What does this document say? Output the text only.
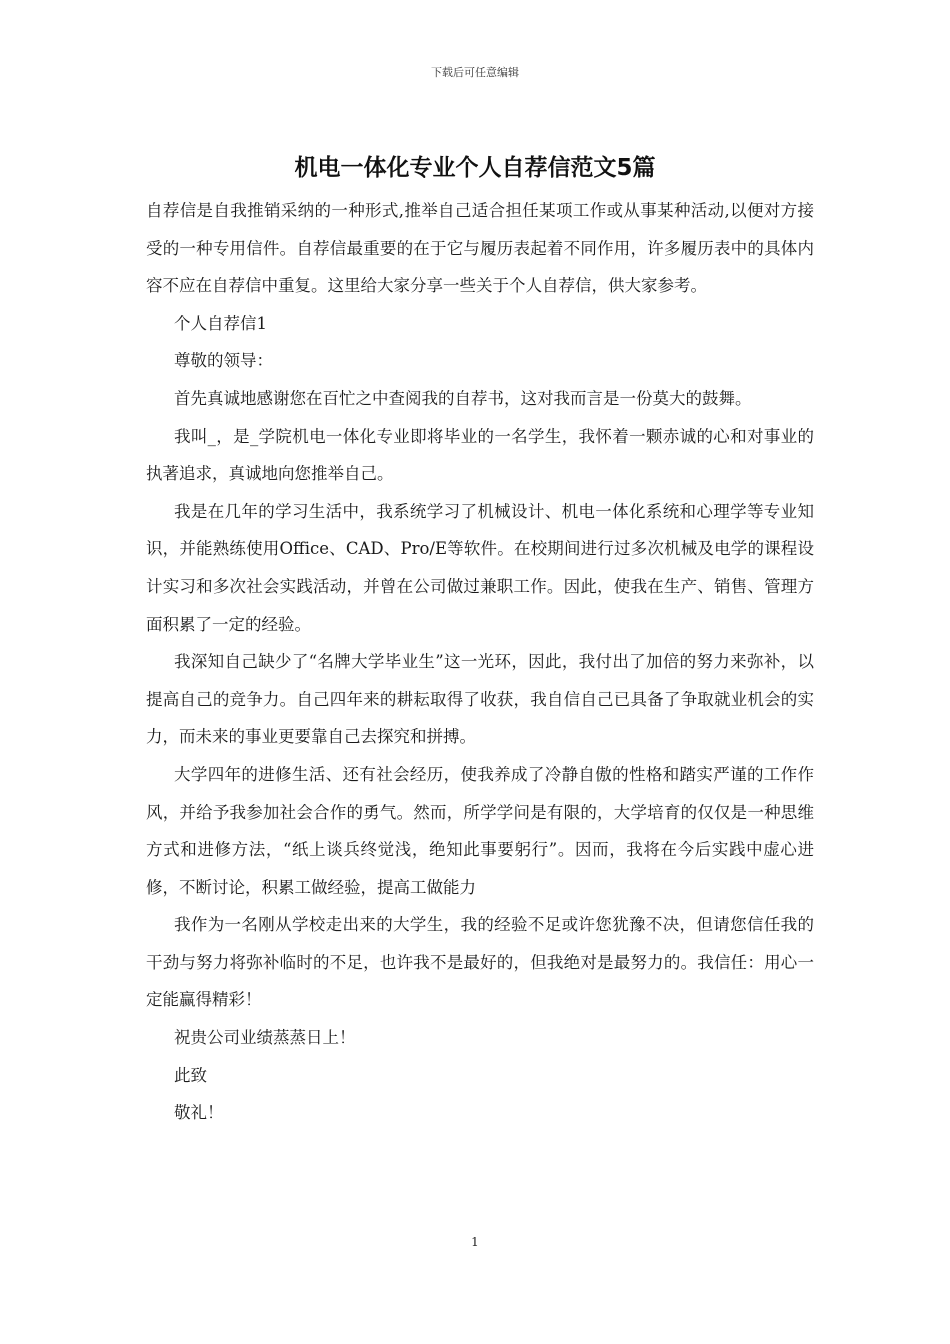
下载后可任意编辑
机电一体化专业个人自荐信范文5篇

自荐信是自我推销采纳的一种形式,推举自己适合担任某项工作或从事某种活动,以便对方接受的一种专用信件。自荐信最重要的在于它与履历表起着不同作用，许多履历表中的具体内容不应在自荐信中重复。这里给大家分享一些关于个人自荐信，供大家参考。

个人自荐信1

尊敬的领导：

首先真诚地感谢您在百忙之中查阅我的自荐书，这对我而言是一份莫大的鼓舞。

我叫_，是_学院机电一体化专业即将毕业的一名学生，我怀着一颗赤诚的心和对事业的执著追求，真诚地向您推举自己。

我是在几年的学习生活中，我系统学习了机械设计、机电一体化系统和心理学等专业知识，并能熟练使用Office、CAD、Pro/E等软件。在校期间进行过多次机械及电学的课程设计实习和多次社会实践活动，并曾在公司做过兼职工作。因此，使我在生产、销售、管理方面积累了一定的经验。

我深知自己缺少了“名牌大学毕业生”这一光环，因此，我付出了加倍的努力来弥补，以提高自己的竞争力。自己四年来的耕耘取得了收获，我自信自己已具备了争取就业机会的实力，而未来的事业更要靠自己去探究和拼搏。

大学四年的进修生活、还有社会经历，使我养成了冷静自傲的性格和踏实严谨的工作作风，并给予我参加社会合作的勇气。然而，所学学问是有限的，大学培育的仅仅是一种思维方式和进修方法，“纸上谈兵终觉浅，绝知此事要躬行”。因而，我将在今后实践中虚心进修，不断讨论，积累工做经验，提高工做能力

我作为一名刚从学校走出来的大学生，我的经验不足或许您犹豫不决，但请您信任我的干劲与努力将弥补临时的不足，也许我不是最好的，但我绝对是最努力的。我信任：用心一定能赢得精彩！

祝贵公司业绩蒸蒸日上！

此致

敬礼！

1
